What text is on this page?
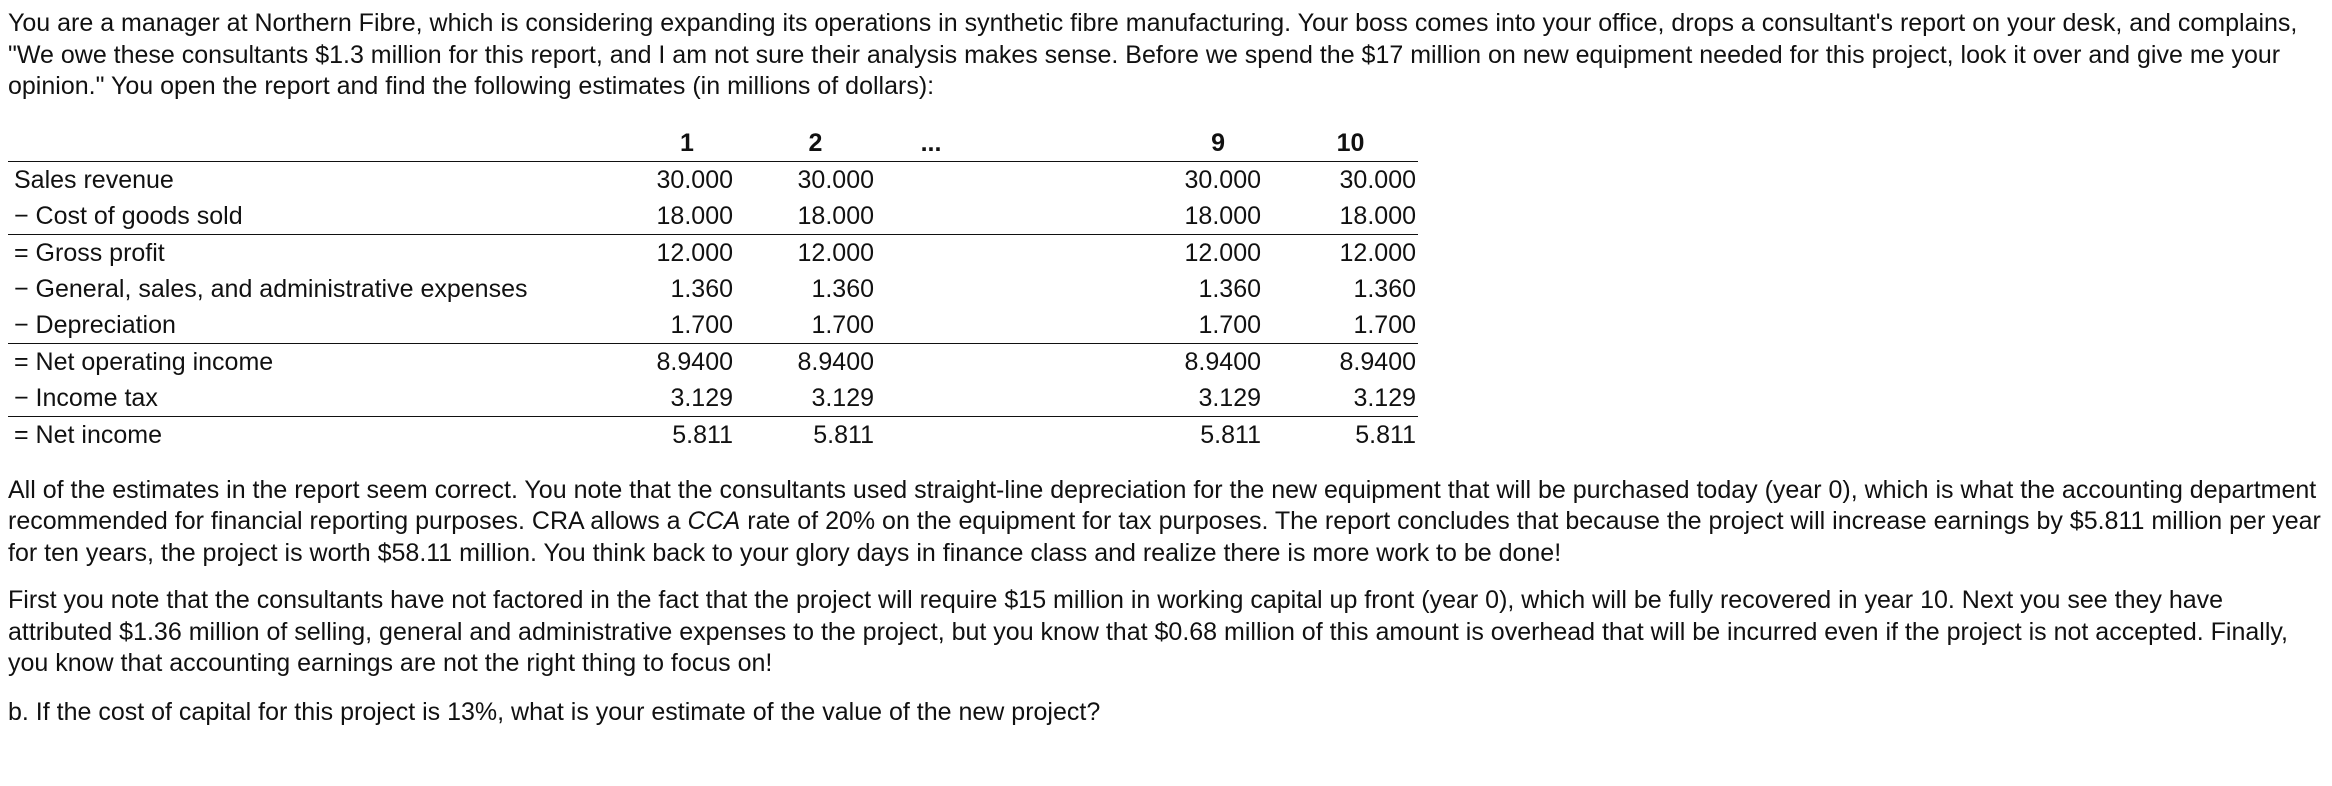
You are a manager at Northern Fibre, which is considering expanding its operations in synthetic fibre manufacturing. Your boss comes into your office, drops a consultant's report on your desk, and complains, "We owe these consultants $1.3 million for this report, and I am not sure their analysis makes sense. Before we spend the $17 million on new equipment needed for this project, look it over and give me your opinion." You open the report and find the following estimates (in millions of dollars):

	1	2	...	9	10
Sales revenue	30.000	30.000		30.000	30.000
− Cost of goods sold	18.000	18.000		18.000	18.000
= Gross profit	12.000	12.000		12.000	12.000
− General, sales, and administrative expenses	1.360	1.360		1.360	1.360
− Depreciation	1.700	1.700		1.700	1.700
= Net operating income	8.9400	8.9400		8.9400	8.9400
− Income tax	3.129	3.129		3.129	3.129
= Net income	5.811	5.811		5.811	5.811

All of the estimates in the report seem correct. You note that the consultants used straight-line depreciation for the new equipment that will be purchased today (year 0), which is what the accounting department recommended for financial reporting purposes. CRA allows a CCA rate of 20% on the equipment for tax purposes. The report concludes that because the project will increase earnings by $5.811 million per year for ten years, the project is worth $58.11 million. You think back to your glory days in finance class and realize there is more work to be done!

First you note that the consultants have not factored in the fact that the project will require $15 million in working capital up front (year 0), which will be fully recovered in year 10. Next you see they have attributed $1.36 million of selling, general and administrative expenses to the project, but you know that $0.68 million of this amount is overhead that will be incurred even if the project is not accepted. Finally, you know that accounting earnings are not the right thing to focus on!

b. If the cost of capital for this project is 13%, what is your estimate of the value of the new project?
